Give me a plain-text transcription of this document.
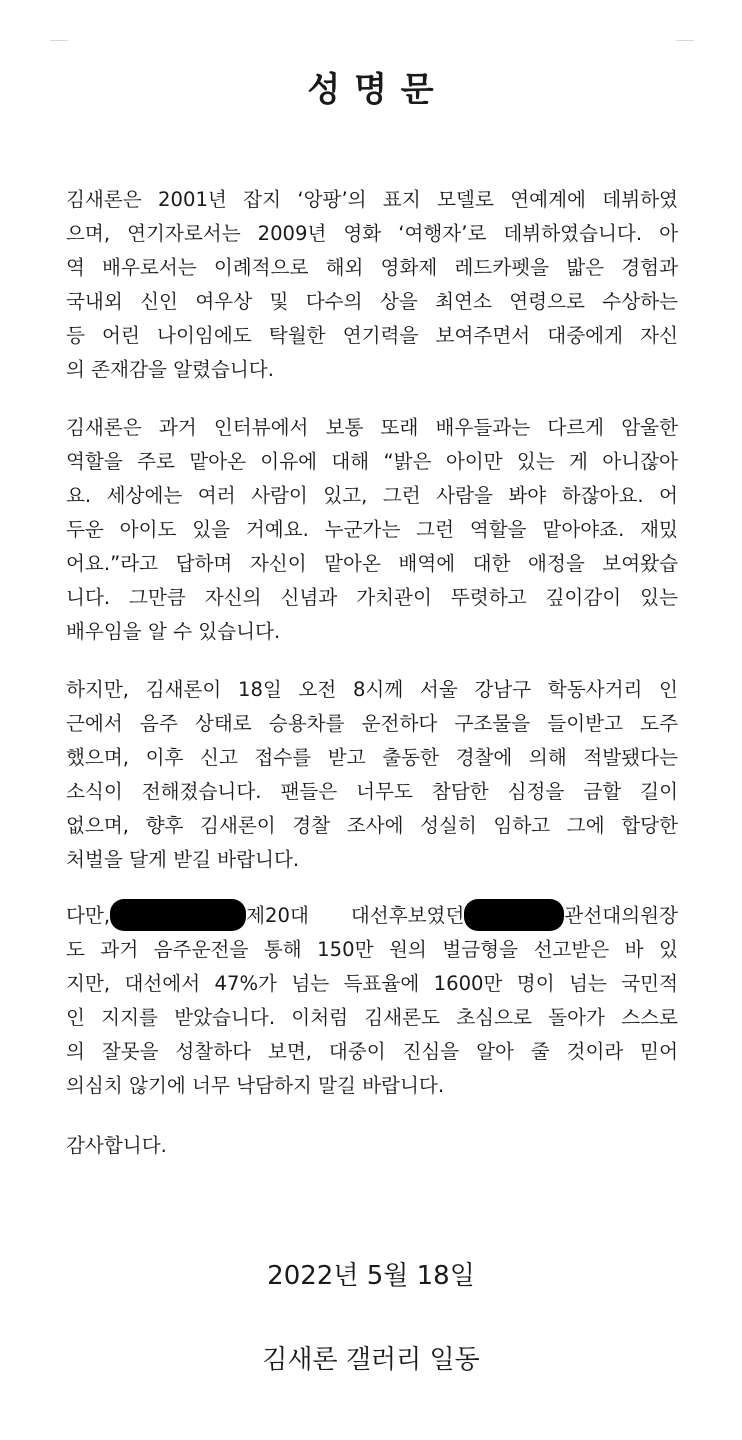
성 명 문
김새론은 2001년 잡지 ‘앙팡’의 표지 모델로 연예계에 데뷔하였
으며, 연기자로서는 2009년 영화 ‘여행자’로 데뷔하였습니다. 아
역 배우로서는 이례적으로 해외 영화제 레드카펫을 밟은 경험과
국내외 신인 여우상 및 다수의 상을 최연소 연령으로 수상하는
등 어린 나이임에도 탁월한 연기력을 보여주면서 대중에게 자신
의 존재감을 알렸습니다.
김새론은 과거 인터뷰에서 보통 또래 배우들과는 다르게 암울한
역할을 주로 맡아온 이유에 대해 “밝은 아이만 있는 게 아니잖아
요. 세상에는 여러 사람이 있고, 그런 사람을 봐야 하잖아요. 어
두운 아이도 있을 거예요. 누군가는 그런 역할을 맡아야죠. 재밌
어요.”라고 답하며 자신이 맡아온 배역에 대한 애정을 보여왔습
니다. 그만큼 자신의 신념과 가치관이 뚜렷하고 깊이감이 있는
배우임을 알 수 있습니다.
하지만, 김새론이 18일 오전 8시께 서울 강남구 학동사거리 인
근에서 음주 상태로 승용차를 운전하다 구조물을 들이받고 도주
했으며, 이후 신고 접수를 받고 출동한 경찰에 의해 적발됐다는
소식이 전해졌습니다. 팬들은 너무도 참담한 심정을 금할 길이
없으며, 향후 김새론이 경찰 조사에 성실히 임하고 그에 합당한
처벌을 달게 받길 바랍니다.
다만,	제20대 대선후보였던	관선대의원장
도 과거 음주운전을 통해 150만 원의 벌금형을 선고받은 바 있
지만, 대선에서 47%가 넘는 득표율에 1600만 명이 넘는 국민적
인 지지를 받았습니다. 이처럼 김새론도 초심으로 돌아가 스스로
의 잘못을 성찰하다 보면, 대중이 진심을 알아 줄 것이라 믿어
의심치 않기에 너무 낙담하지 말길 바랍니다.

감사합니다.

2022년 5월 18일

김새론 갤러리 일동
